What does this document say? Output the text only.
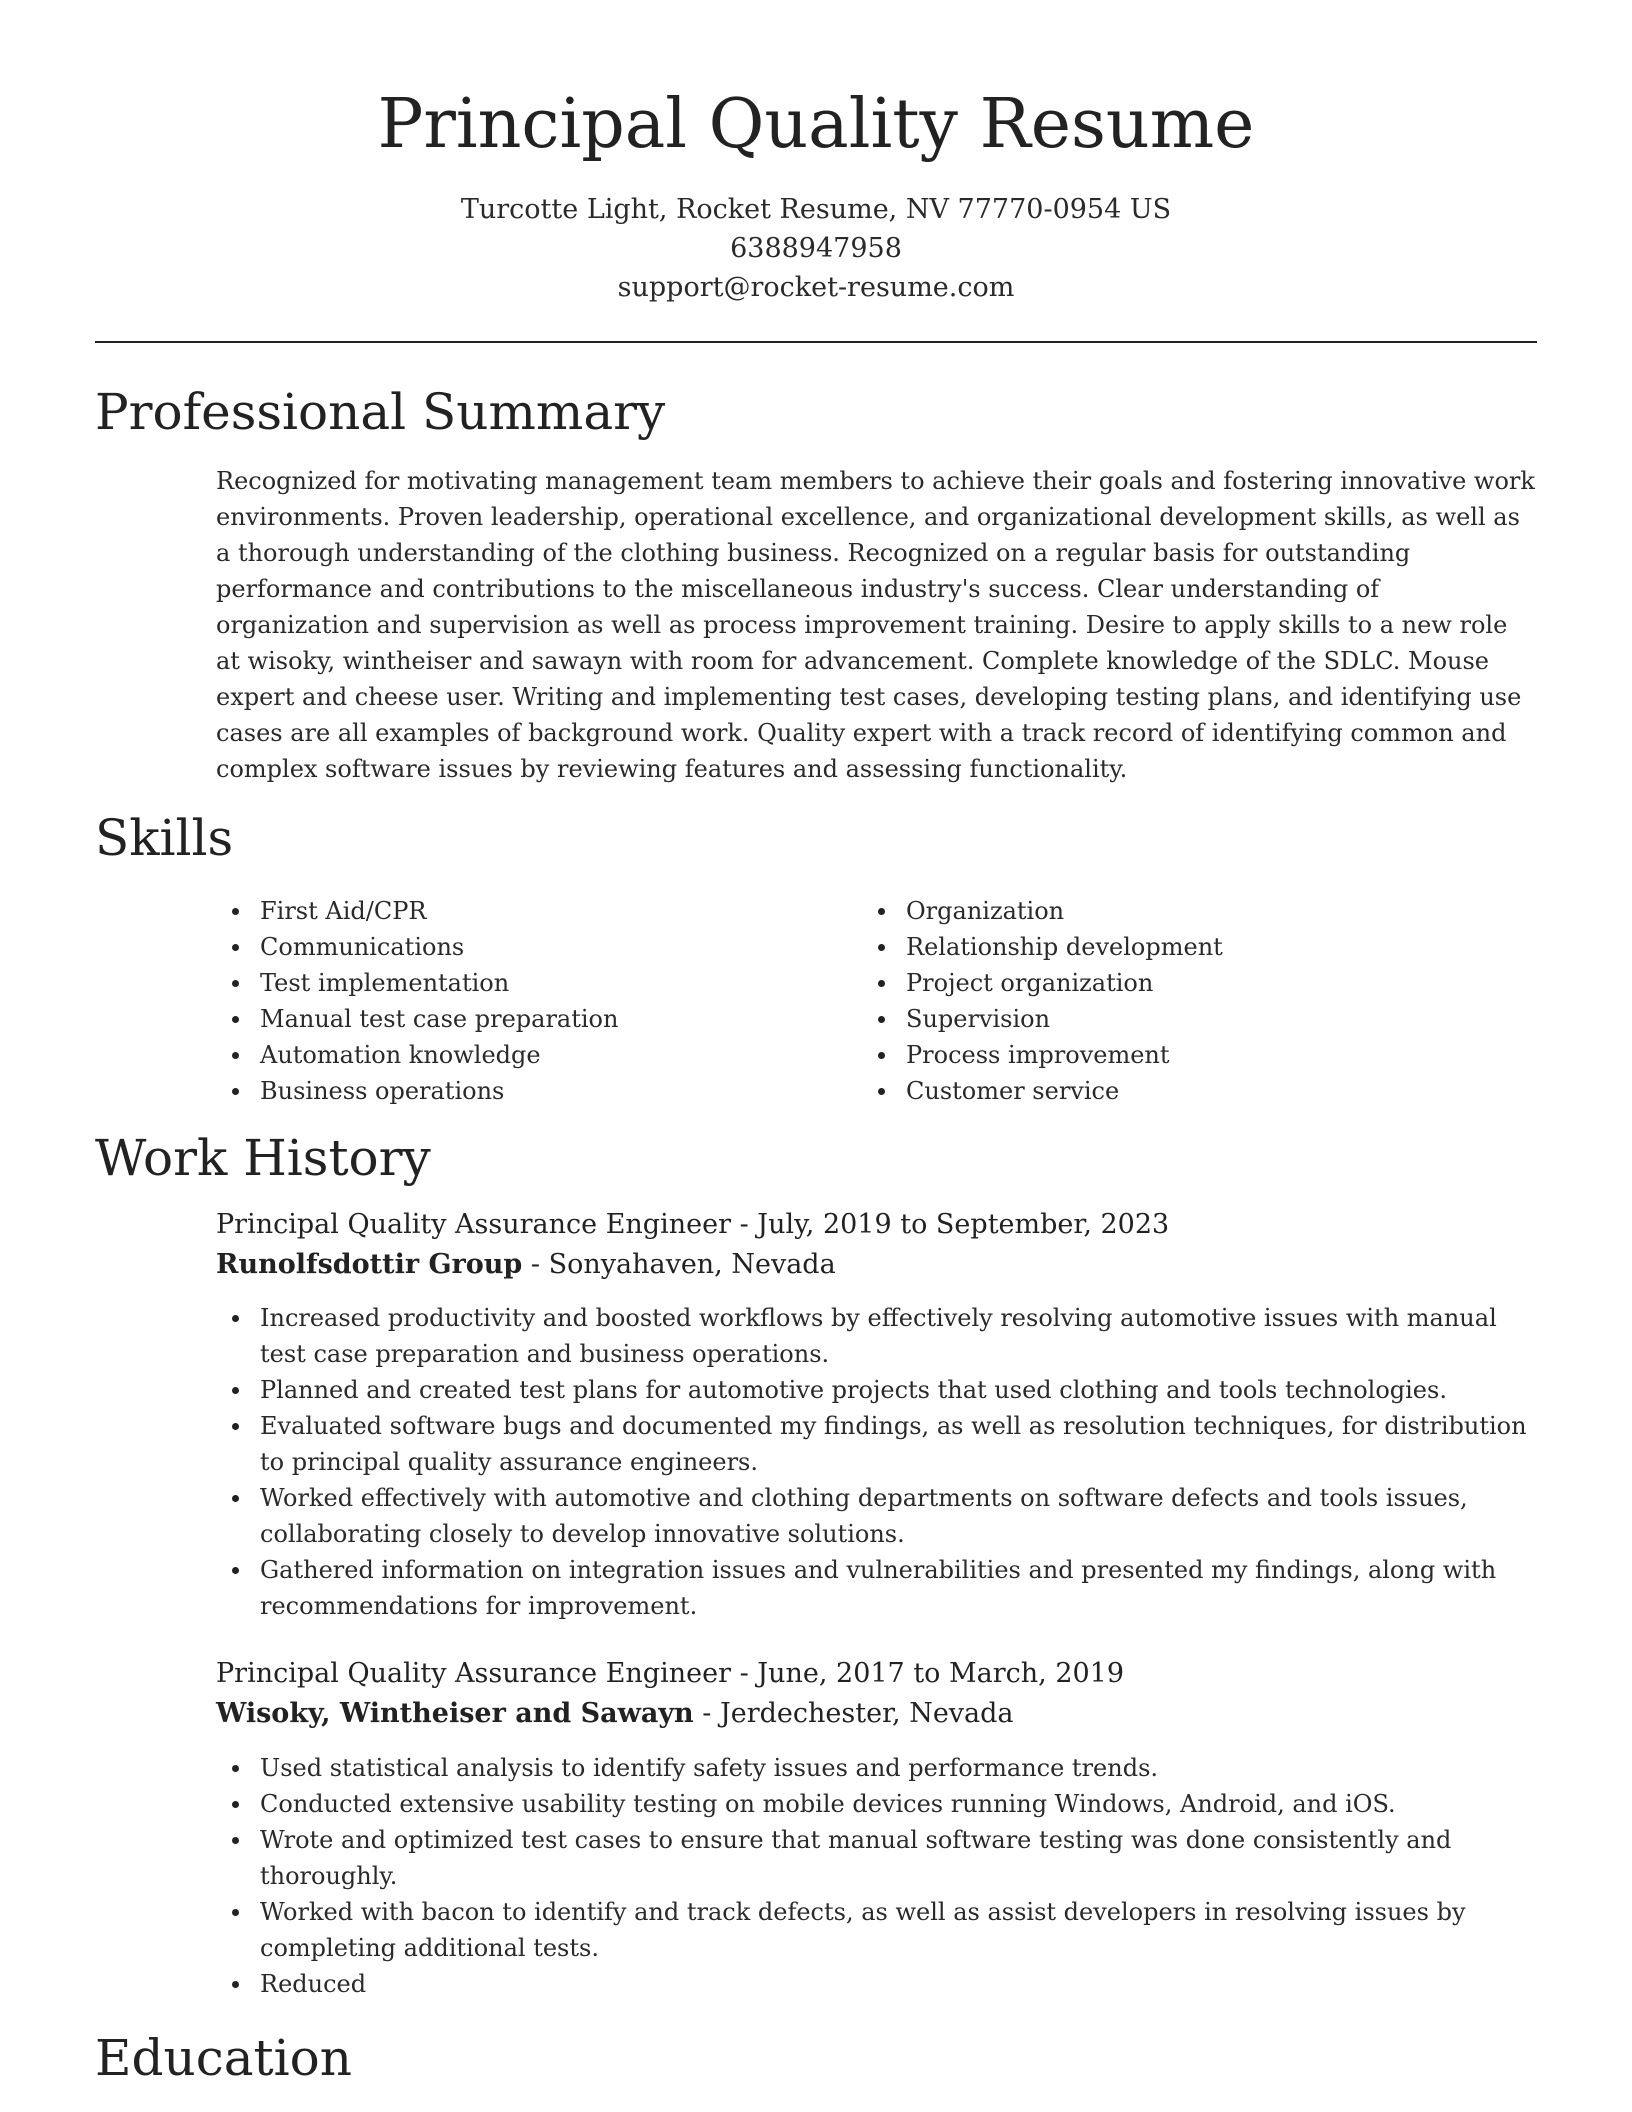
Principal Quality Resume
Turcotte Light, Rocket Resume, NV 77770-0954 US
6388947958
support@rocket-resume.com
Professional Summary

Recognized for motivating management team members to achieve their goals and fostering innovative work environments. Proven leadership, operational excellence, and organizational development skills, as well as a thorough understanding of the clothing business. Recognized on a regular basis for outstanding performance and contributions to the miscellaneous industry's success. Clear understanding of organization and supervision as well as process improvement training. Desire to apply skills to a new role at wisoky, wintheiser and sawayn with room for advancement. Complete knowledge of the SDLC. Mouse expert and cheese user. Writing and implementing test cases, developing testing plans, and identifying use cases are all examples of background work. Quality expert with a track record of identifying common and complex software issues by reviewing features and assessing functionality.

Skills
First Aid/CPR
Communications
Test implementation
Manual test case preparation
Automation knowledge
Business operations
Organization
Relationship development
Project organization
Supervision
Process improvement
Customer service
Work History
Principal Quality Assurance Engineer - July, 2019 to September, 2023
Runolfsdottir Group - Sonyahaven, Nevada
Increased productivity and boosted workflows by effectively resolving automotive issues with manual test case preparation and business operations.
Planned and created test plans for automotive projects that used clothing and tools technologies.
Evaluated software bugs and documented my findings, as well as resolution techniques, for distribution to principal quality assurance engineers.
Worked effectively with automotive and clothing departments on software defects and tools issues, collaborating closely to develop innovative solutions.
Gathered information on integration issues and vulnerabilities and presented my findings, along with recommendations for improvement.
Principal Quality Assurance Engineer - June, 2017 to March, 2019
Wisoky, Wintheiser and Sawayn - Jerdechester, Nevada
Used statistical analysis to identify safety issues and performance trends.
Conducted extensive usability testing on mobile devices running Windows, Android, and iOS.
Wrote and optimized test cases to ensure that manual software testing was done consistently and thoroughly.
Worked with bacon to identify and track defects, as well as assist developers in resolving issues by completing additional tests.
Reduced
Education
